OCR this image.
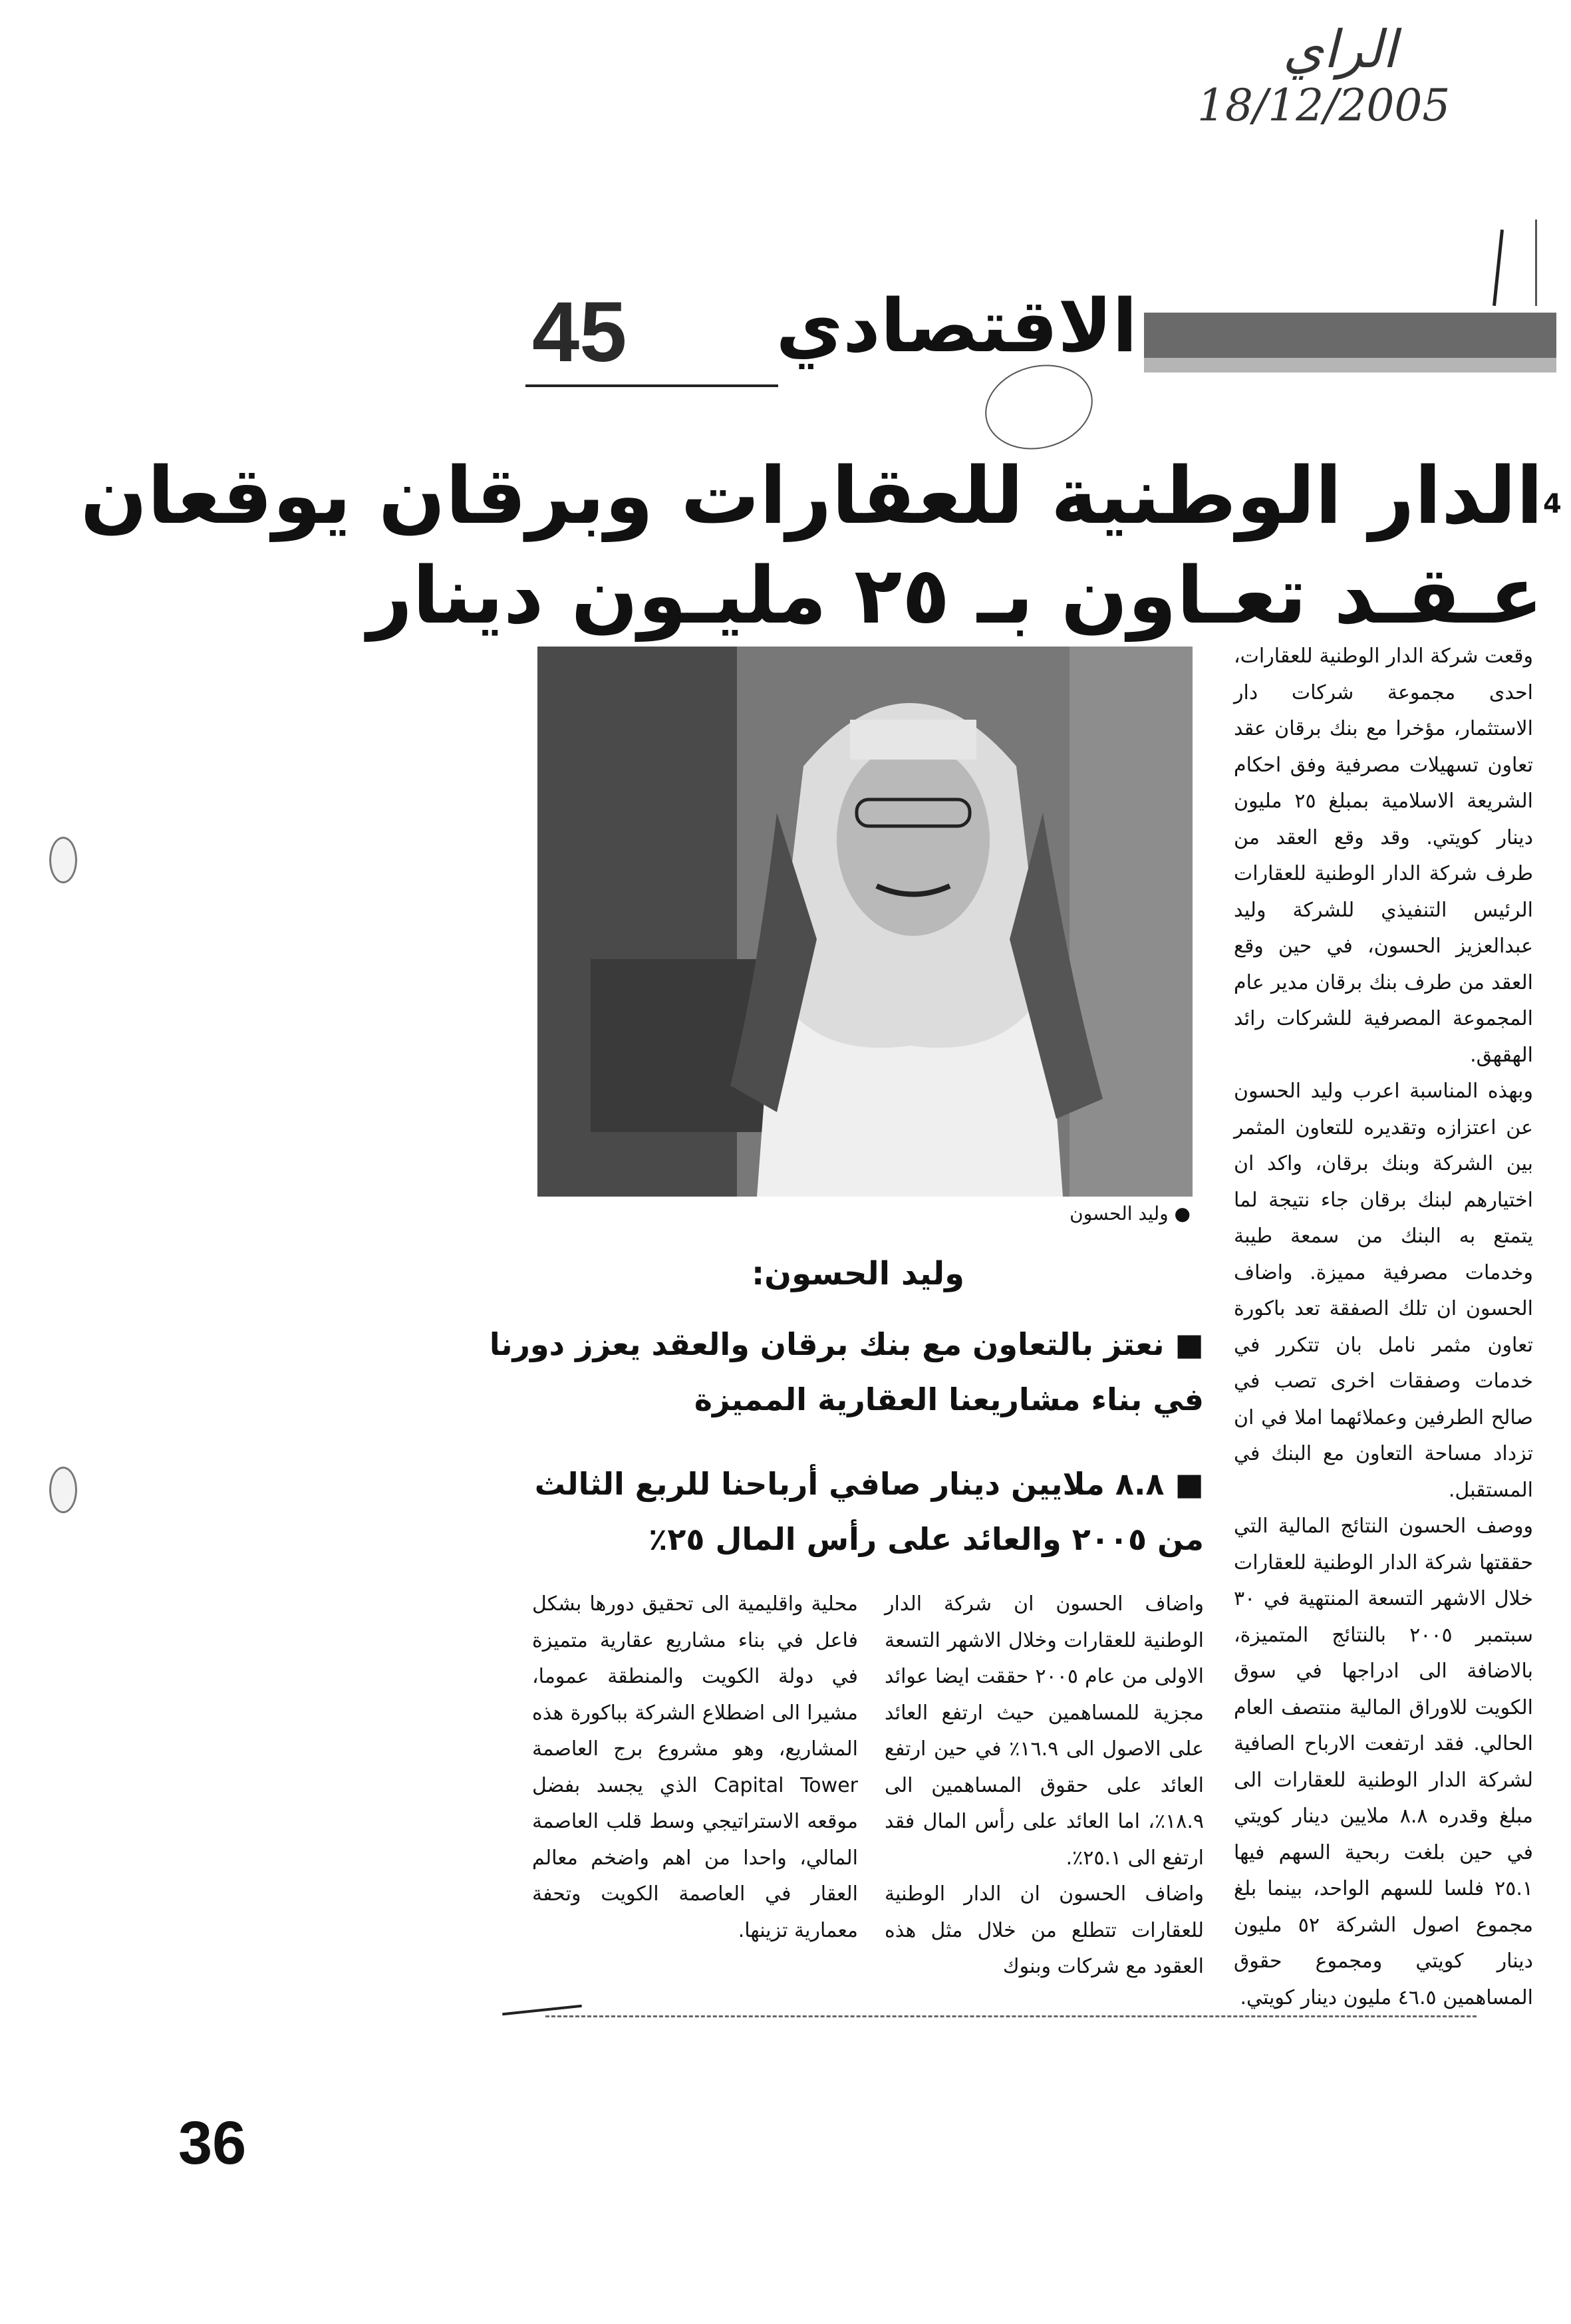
الراي
18/12/2005
الاقتصادي
45
4
الدار الوطنية للعقارات وبرقان يوقعان
عـقـد تعـاون بـ ٢٥ مليـون دينار
● وليد الحسون
وليد الحسون:
■ نعتز بالتعاون مع بنك برقان والعقد يعزز دورنا
في بناء مشاريعنا العقارية المميزة
■ ٨.٨ ملايين دينار صافي أرباحنا للربع الثالث
من ٢٠٠٥ والعائد على رأس المال ٢٥٪

وقعت شركة الدار الوطنية للعقارات، احدى مجموعة شركات دار الاستثمار، مؤخرا مع بنك برقان عقد تعاون تسهيلات مصرفية وفق احكام الشريعة الاسلامية بمبلغ ٢٥ مليون دينار كويتي. وقد وقع العقد من طرف شركة الدار الوطنية للعقارات الرئيس التنفيذي للشركة وليد عبدالعزيز الحسون، في حين وقع العقد من طرف بنك برقان مدير عام المجموعة المصرفية للشركات رائد الهقهق.

وبهذه المناسبة اعرب وليد الحسون عن اعتزازه وتقديره للتعاون المثمر بين الشركة وبنك برقان، واكد ان اختيارهم لبنك برقان جاء نتيجة لما يتمتع به البنك من سمعة طيبة وخدمات مصرفية مميزة. واضاف الحسون ان تلك الصفقة تعد باكورة تعاون مثمر نامل بان تتكرر في خدمات وصفقات اخرى تصب في صالح الطرفين وعملائهما املا في ان تزداد مساحة التعاون مع البنك في المستقبل.

ووصف الحسون النتائج المالية التي حققتها شركة الدار الوطنية للعقارات خلال الاشهر التسعة المنتهية في ٣٠ سبتمبر ٢٠٠٥ بالنتائج المتميزة، بالاضافة الى ادراجها في سوق الكويت للاوراق المالية منتصف العام الحالي. فقد ارتفعت الارباح الصافية لشركة الدار الوطنية للعقارات الى مبلغ وقدره ٨.٨ ملايين دينار كويتي في حين بلغت ربحية السهم فيها ٢٥.١ فلسا للسهم الواحد، بينما بلغ مجموع اصول الشركة ٥٢ مليون دينار كويتي ومجموع حقوق المساهمين ٤٦.٥ مليون دينار كويتي.

واضاف الحسون ان شركة الدار الوطنية للعقارات وخلال الاشهر التسعة الاولى من عام ٢٠٠٥ حققت ايضا عوائد مجزية للمساهمين حيث ارتفع العائد على الاصول الى ١٦.٩٪ في حين ارتفع العائد على حقوق المساهمين الى ١٨.٩٪، اما العائد على رأس المال فقد ارتفع الى ٢٥.١٪.

واضاف الحسون ان الدار الوطنية للعقارات تتطلع من خلال مثل هذه العقود مع شركات وبنوك

محلية واقليمية الى تحقيق دورها بشكل فاعل في بناء مشاريع عقارية متميزة في دولة الكويت والمنطقة عموما، مشيرا الى اضطلاع الشركة بباكورة هذه المشاريع، وهو مشروع برج العاصمة Capital Tower الذي يجسد بفضل موقعه الاستراتيجي وسط قلب العاصمة المالي، واحدا من اهم واضخم معالم العقار في العاصمة الكويت وتحفة معمارية تزينها.

36
